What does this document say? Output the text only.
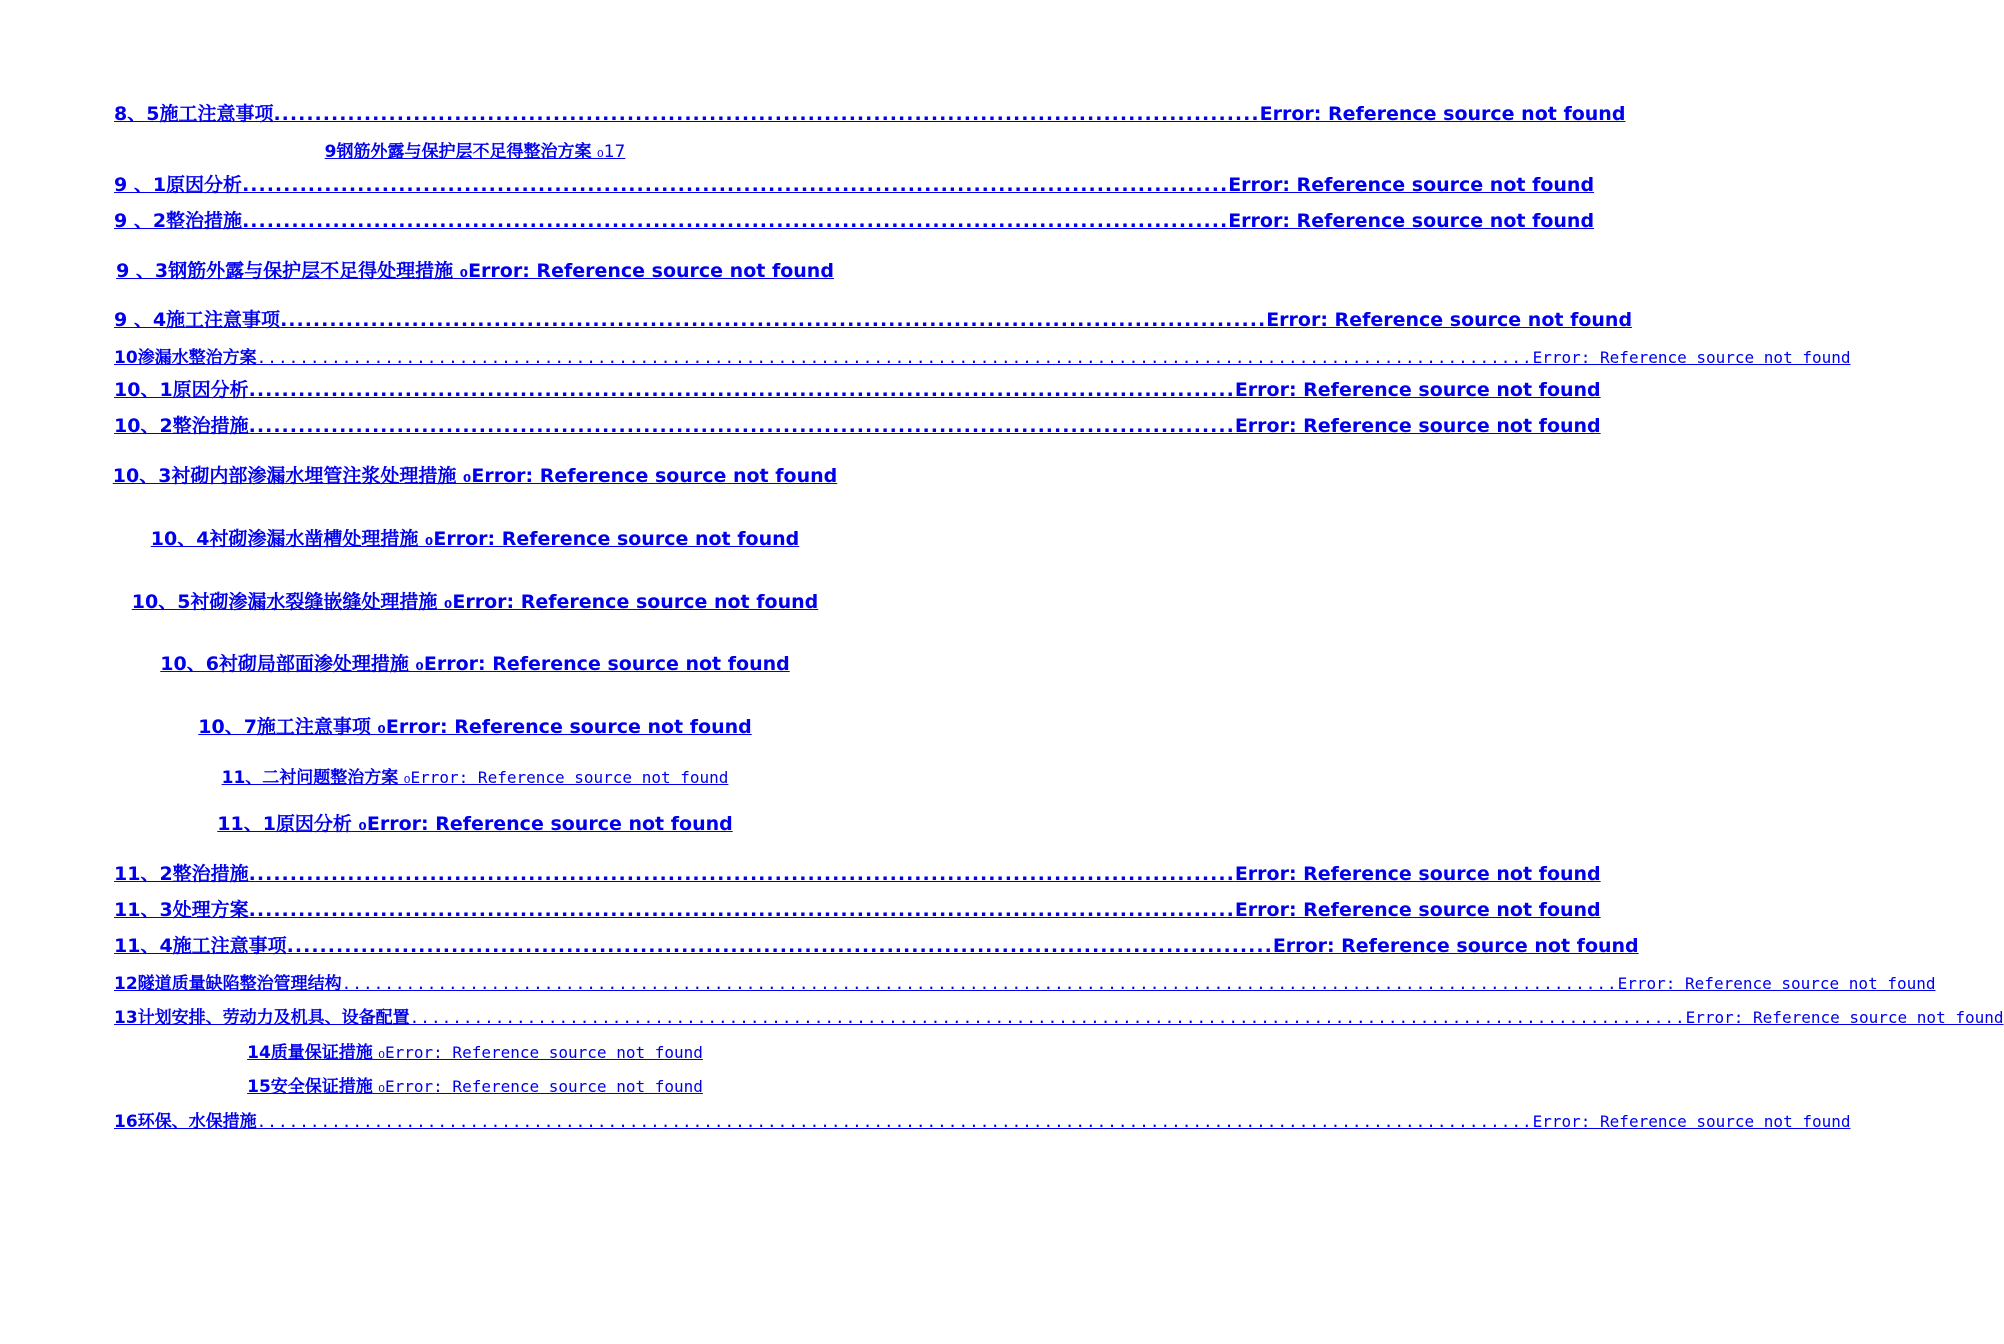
8、5施工注意事项 ........................................................................................................................ Error: Reference source not found
9钢筋外露与保护层不足得整治方案 ₀17
9 、1原因分析 ........................................................................................................................ Error: Reference source not found
9 、2整治措施 ........................................................................................................................ Error: Reference source not found
9 、3钢筋外露与保护层不足得处理措施 ₀Error: Reference source not found
9 、4施工注意事项 ........................................................................................................................ Error: Reference source not found
10渗漏水整治方案 ........................................................................................................................ Error: Reference source not found
10、1原因分析 ........................................................................................................................ Error: Reference source not found
10、2整治措施 ........................................................................................................................ Error: Reference source not found
10、3衬砌内部渗漏水埋管注浆处理措施 ₀Error: Reference source not found
10、4衬砌渗漏水凿槽处理措施 ₀Error: Reference source not found
10、5衬砌渗漏水裂缝嵌缝处理措施 ₀Error: Reference source not found
10、6衬砌局部面渗处理措施 ₀Error: Reference source not found
10、7施工注意事项 ₀Error: Reference source not found
11、二衬问题整治方案 ₀Error: Reference source not found
11、1原因分析 ₀Error: Reference source not found
11、2整治措施 ........................................................................................................................ Error: Reference source not found
11、3处理方案 ........................................................................................................................ Error: Reference source not found
11、4施工注意事项 ........................................................................................................................ Error: Reference source not found
12隧道质量缺陷整治管理结构 ........................................................................................................................ Error: Reference source not found
13计划安排、劳动力及机具、设备配置 ........................................................................................................................ Error: Reference source not found
14质量保证措施 ₀Error: Reference source not found
15安全保证措施 ₀Error: Reference source not found
16环保、水保措施 ........................................................................................................................ Error: Reference source not found
